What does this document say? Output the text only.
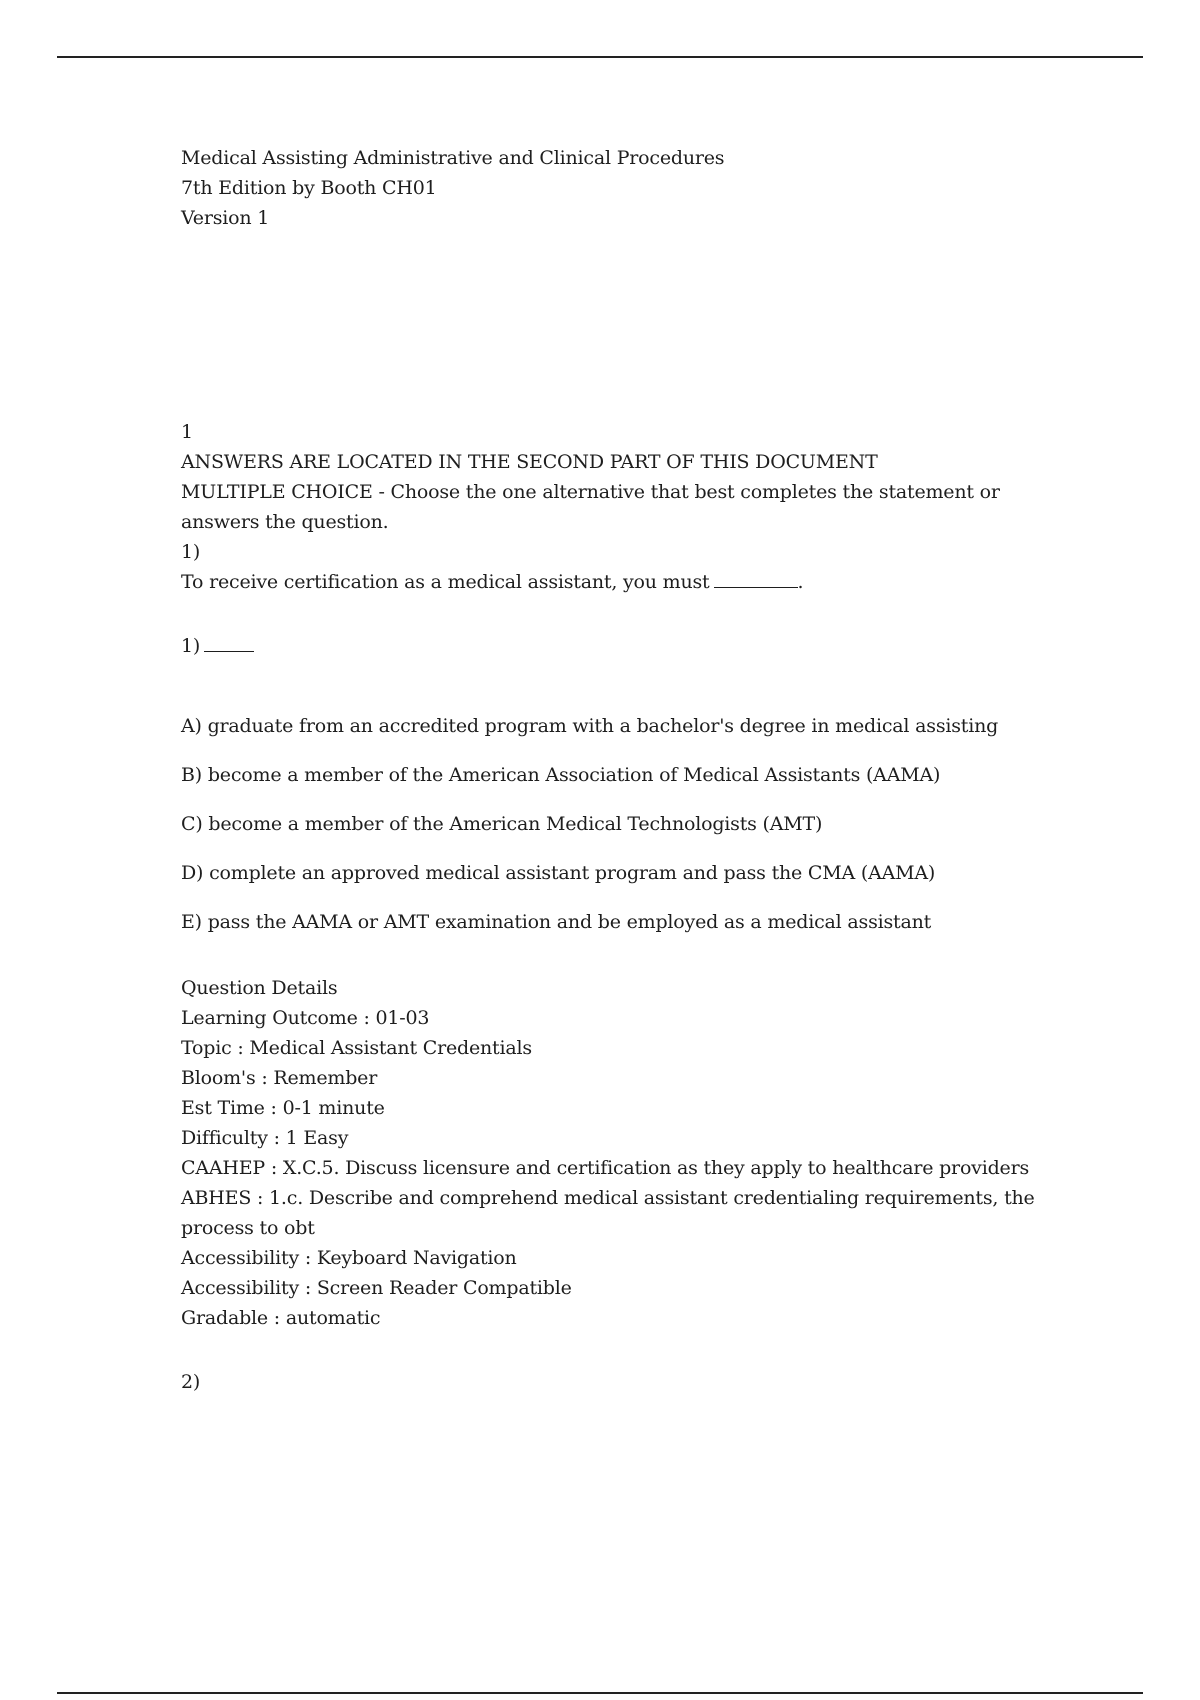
Medical Assisting Administrative and Clinical Procedures
7th Edition by Booth CH01
Version 1
1
ANSWERS ARE LOCATED IN THE SECOND PART OF THIS DOCUMENT
MULTIPLE CHOICE - Choose the one alternative that best completes the statement or answers the question.
1)
To receive certification as a medical assistant, you must	.
1)
A) graduate from an accredited program with a bachelor's degree in medical assisting
B) become a member of the American Association of Medical Assistants (AAMA)
C) become a member of the American Medical Technologists (AMT)
D) complete an approved medical assistant program and pass the CMA (AAMA)
E) pass the AAMA or AMT examination and be employed as a medical assistant
Question Details
Learning Outcome : 01-03
Topic : Medical Assistant Credentials
Bloom's : Remember
Est Time : 0-1 minute
Difficulty : 1 Easy
CAAHEP : X.C.5. Discuss licensure and certification as they apply to healthcare providers
ABHES : 1.c. Describe and comprehend medical assistant credentialing requirements, the process to obt
Accessibility : Keyboard Navigation
Accessibility : Screen Reader Compatible
Gradable : automatic
2)
